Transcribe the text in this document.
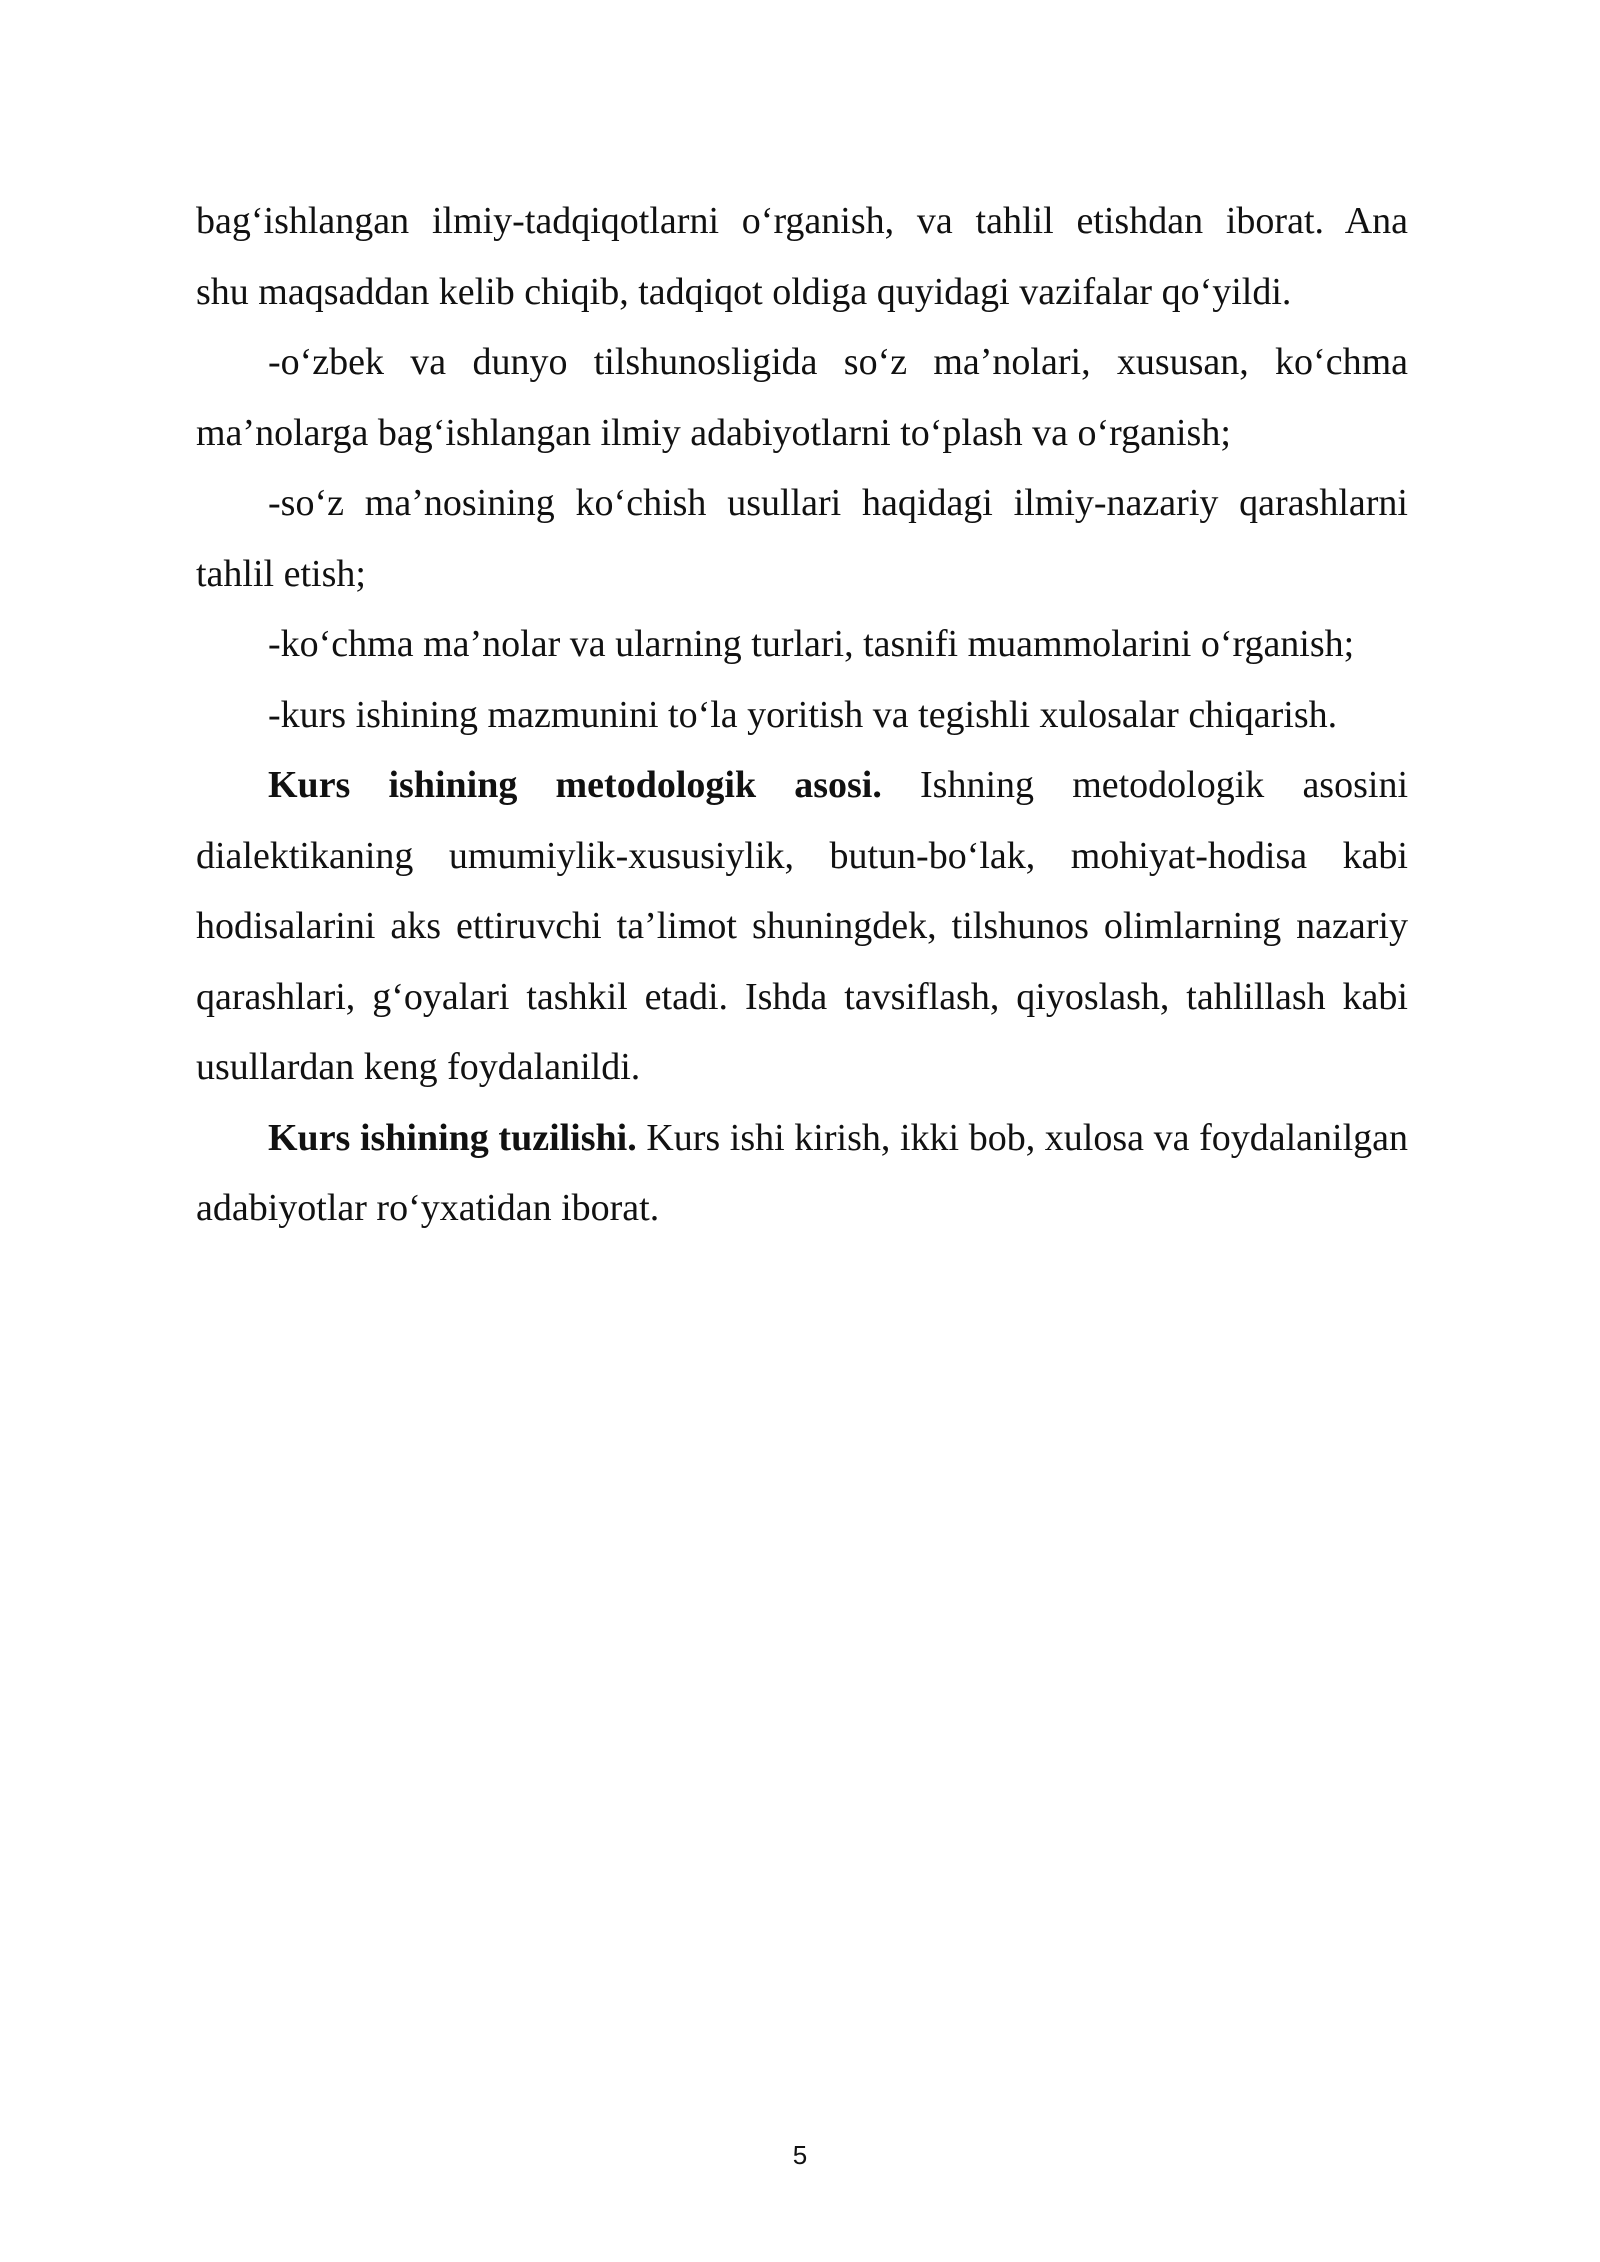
bag‘ishlangan ilmiy-tadqiqotlarni o‘rganish, va tahlil etishdan iborat. Ana

shu maqsaddan kelib chiqib, tadqiqot oldiga quyidagi vazifalar qo‘yildi.

-o‘zbek va dunyo tilshunosligida so‘z ma’nolari, xususan, ko‘chma ma’nolarga bag‘ishlangan ilmiy adabiyotlarni to‘plash va o‘rganish;

-so‘z ma’nosining ko‘chish usullari haqidagi ilmiy-nazariy qarashlarni tahlil etish;

-ko‘chma ma’nolar va ularning turlari, tasnifi muammolarini o‘rganish;

-kurs ishining mazmunini to‘la yoritish va tegishli xulosalar chiqarish.

Kurs ishining metodologik asosi. Ishning metodologik asosini dialektikaning umumiylik-xususiylik, butun-bo‘lak, mohiyat-hodisa kabi hodisalarini aks ettiruvchi ta’limot shuningdek, tilshunos olimlarning nazariy qarashlari, g‘oyalari tashkil etadi. Ishda tavsiflash, qiyoslash, tahlillash kabi usullardan keng foydalanildi.

Kurs ishining tuzilishi. Kurs ishi kirish, ikki bob, xulosa va foydalanilgan adabiyotlar ro‘yxatidan iborat.

5
